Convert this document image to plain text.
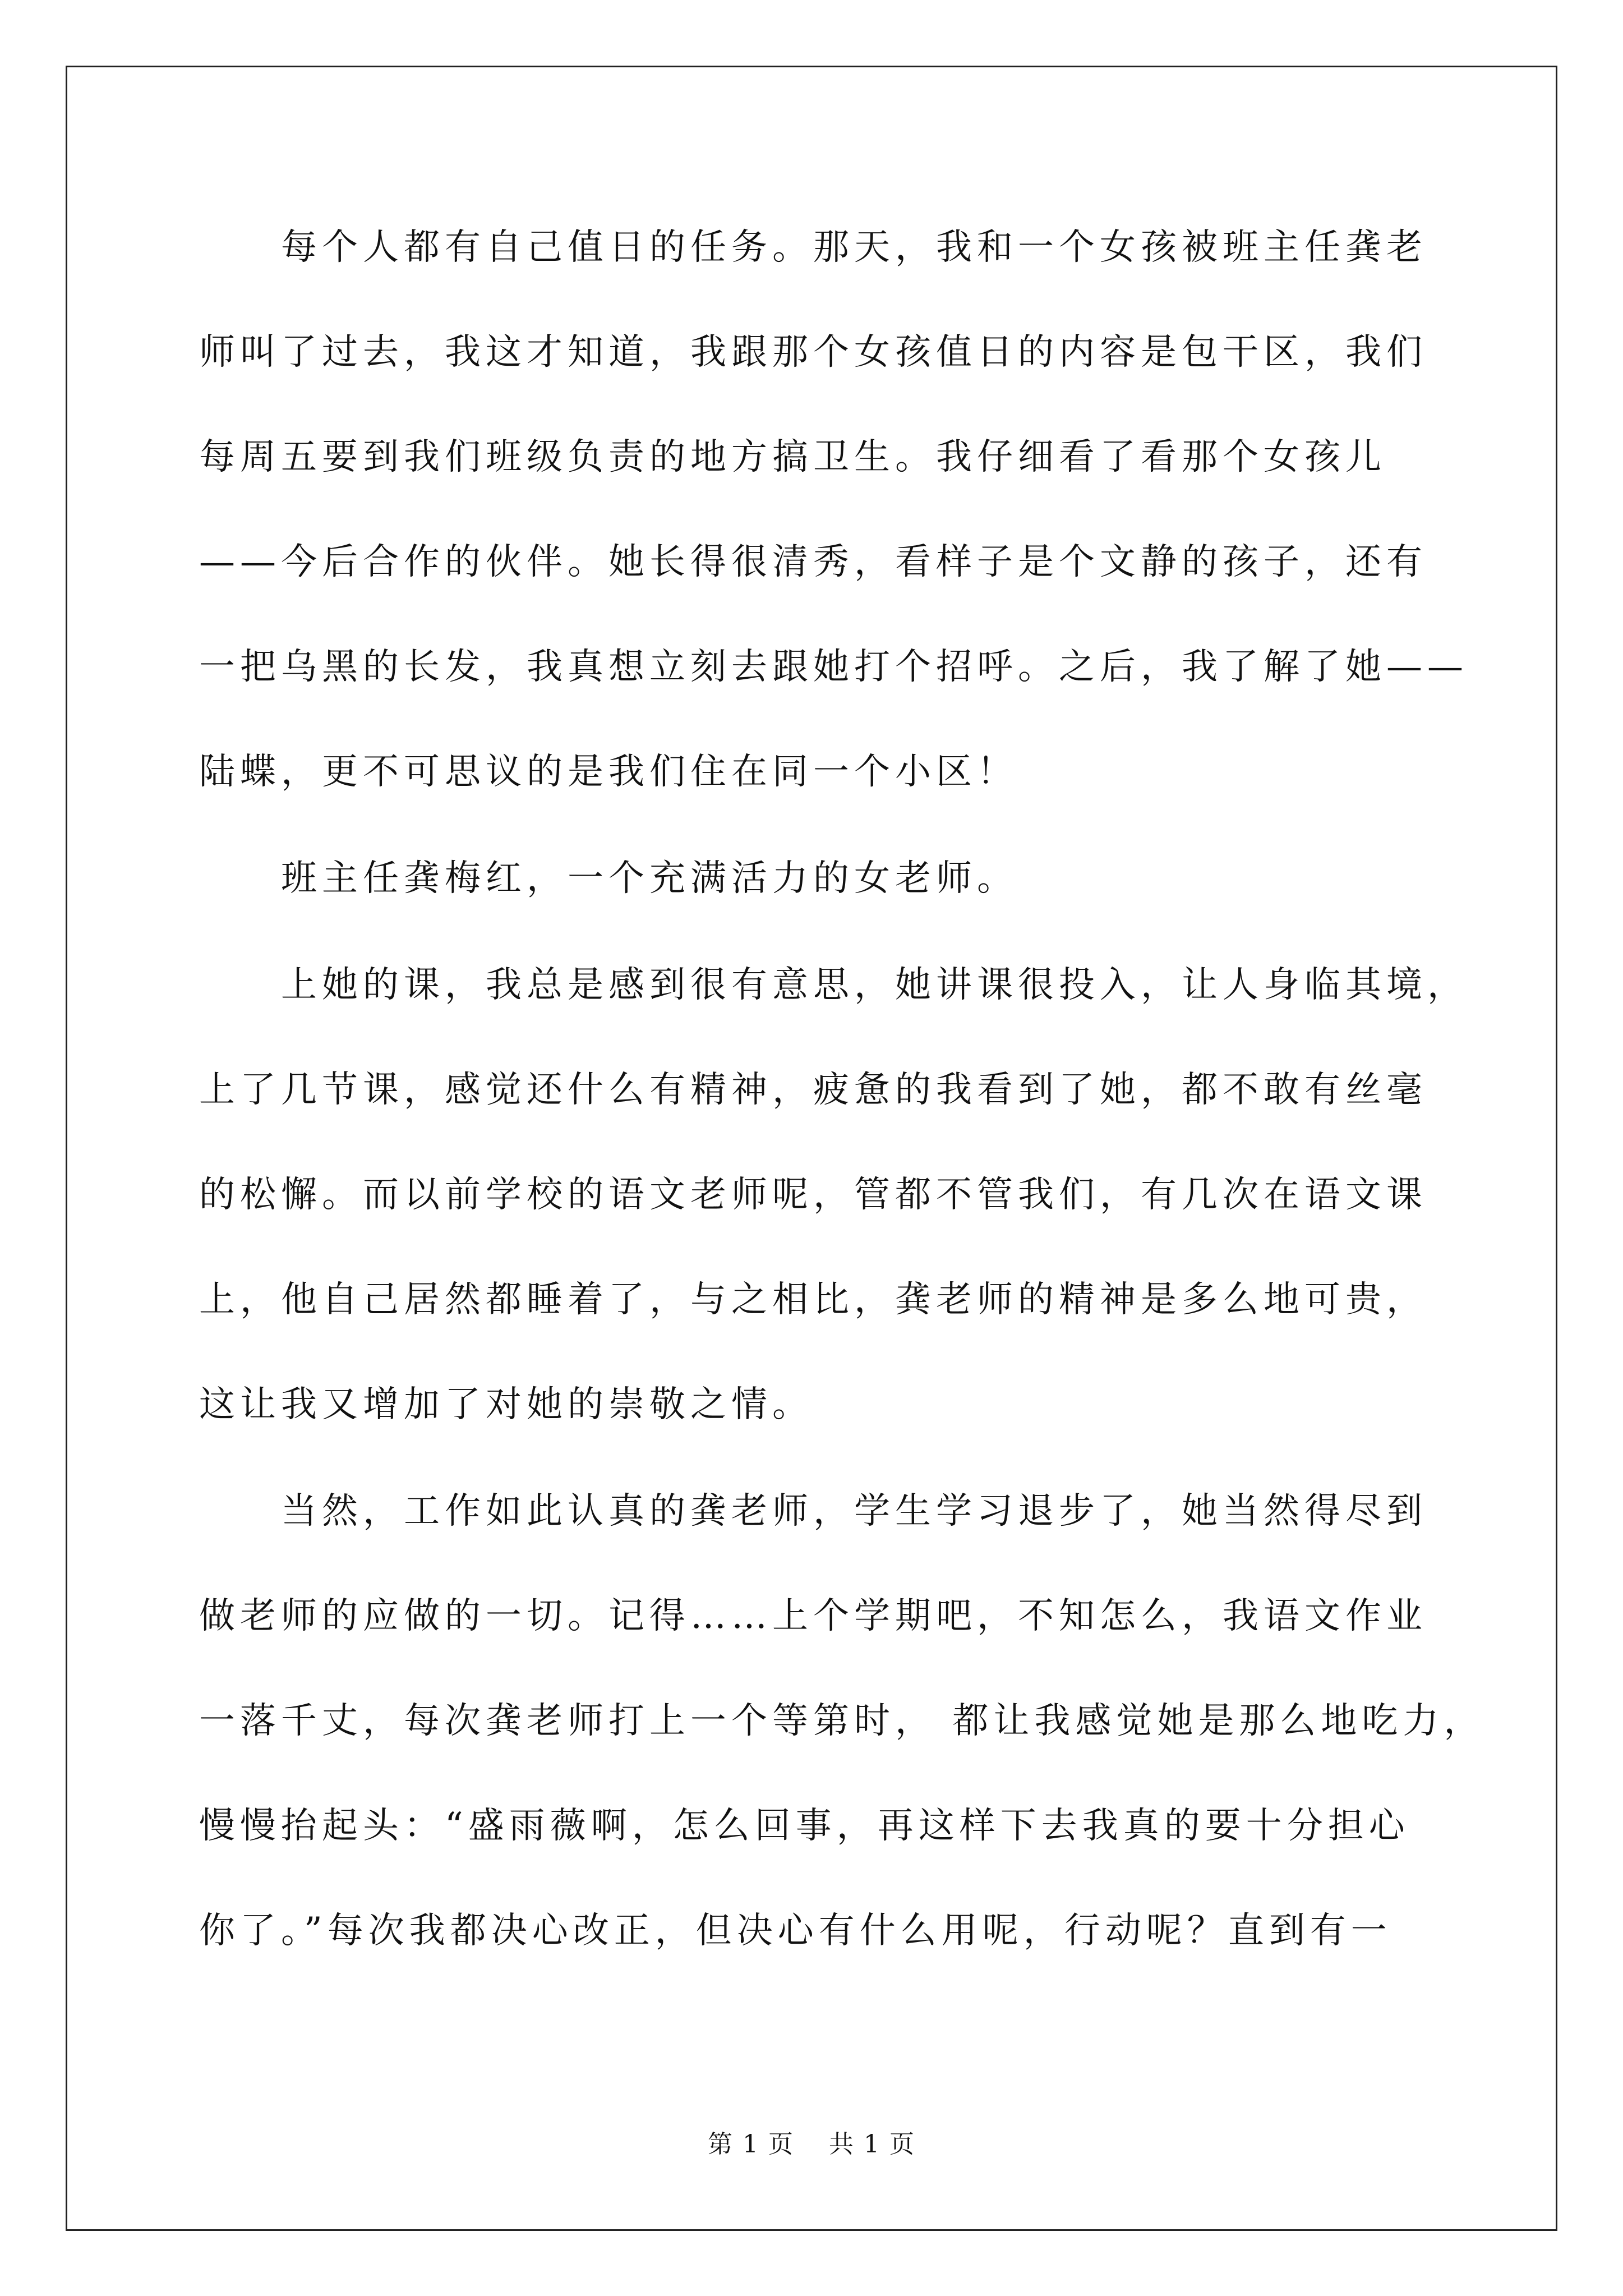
每个人都有自己值日的任务。那天，我和一个女孩被班主任龚老
师叫了过去，我这才知道，我跟那个女孩值日的内容是包干区，我们
每周五要到我们班级负责的地方搞卫生。我仔细看了看那个女孩儿
——今后合作的伙伴。她长得很清秀，看样子是个文静的孩子，还有
一把乌黑的长发，我真想立刻去跟她打个招呼。之后，我了解了她——
陆蝶，更不可思议的是我们住在同一个小区！
班主任龚梅红，一个充满活力的女老师。
上她的课，我总是感到很有意思，她讲课很投入，让人身临其境，
上了几节课，感觉还什么有精神，疲惫的我看到了她，都不敢有丝毫
的松懈。而以前学校的语文老师呢，管都不管我们，有几次在语文课
上，他自己居然都睡着了，与之相比，龚老师的精神是多么地可贵，
这让我又增加了对她的崇敬之情。
当然，工作如此认真的龚老师，学生学习退步了，她当然得尽到
做老师的应做的一切。记得……上个学期吧，不知怎么，我语文作业
一落千丈，每次龚老师打上一个等第时， 都让我感觉她是那么地吃力，
慢慢抬起头：“盛雨薇啊，怎么回事，再这样下去我真的要十分担心
你了。”每次我都决心改正，但决心有什么用呢，行动呢？直到有一
第 1 页　 共 1 页
